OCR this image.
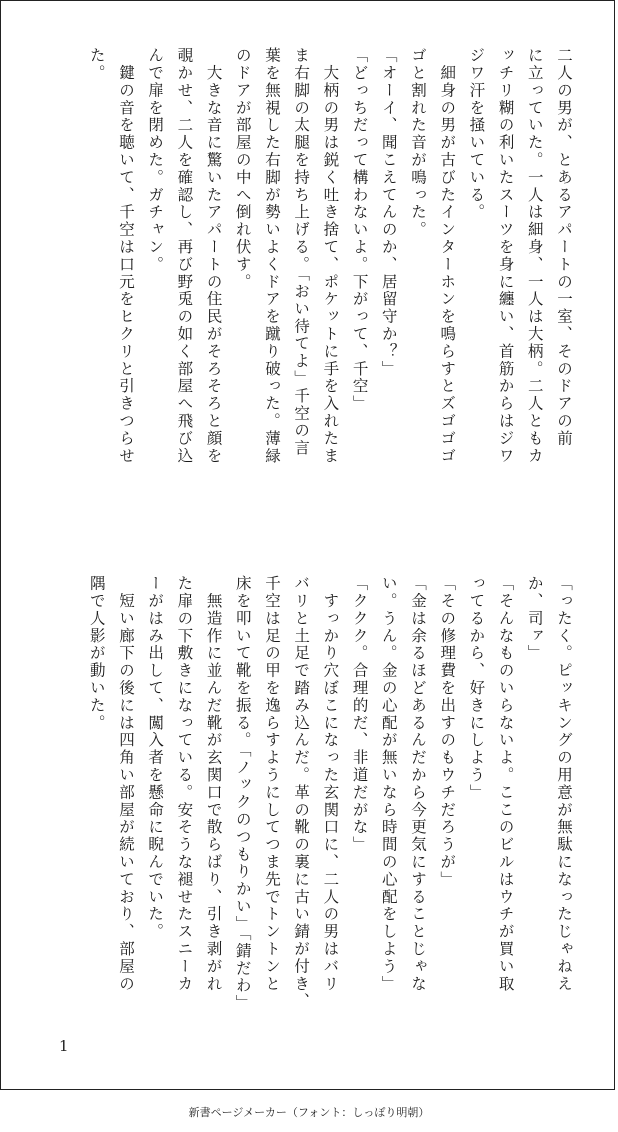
二人の男が、とあるアパートの一室、そのドアの前
に立っていた。一人は細身、一人は大柄。二人ともカ
ッチリ糊の利いたスーツを身に纏い、首筋からはジワ
ジワ汗を掻いている。
　細身の男が古びたインターホンを鳴らすとズゴゴゴ
ゴと割れた音が鳴った。
「オーイ、聞こえてんのか、居留守か？」
「どっちだって構わないよ。下がって、千空」
　大柄の男は鋭く吐き捨て、ポケットに手を入れたま
ま右脚の太腿を持ち上げる。「おい待てよ」千空の言
葉を無視した右脚が勢いよくドアを蹴り破った。薄緑
のドアが部屋の中へ倒れ伏す。
　大きな音に驚いたアパートの住民がそろそろと顔を
覗かせ、二人を確認し、再び野兎の如く部屋へ飛び込
んで扉を閉めた。ガチャン。
　鍵の音を聴いて、千空は口元をヒクリと引きつらせ
た。
「ったく。ピッキングの用意が無駄になったじゃねえ
か、司ァ」
「そんなものいらないよ。ここのビルはウチが買い取
ってるから、好きにしよう」
「その修理費を出すのもウチだろうが」
「金は余るほどあるんだから今更気にすることじゃな
い。うん。金の心配が無いなら時間の心配をしよう」
「ククク。合理的だ、非道だがな」
　すっかり穴ぼこになった玄関口に、二人の男はバリ
バリと土足で踏み込んだ。革の靴の裏に古い錆が付き、
千空は足の甲を逸らすようにしてつま先でトントンと
床を叩いて靴を振る。「ノックのつもりかい」「錆だわ」
　無造作に並んだ靴が玄関口で散らばり、引き剥がれ
た扉の下敷きになっている。安そうな褪せたスニーカ
ーがはみ出して、闖入者を懸命に睨んでいた。
　短い廊下の後には四角い部屋が続いており、部屋の
隅で人影が動いた。
1
新書ページメーカー（フォント：しっぽり明朝）
